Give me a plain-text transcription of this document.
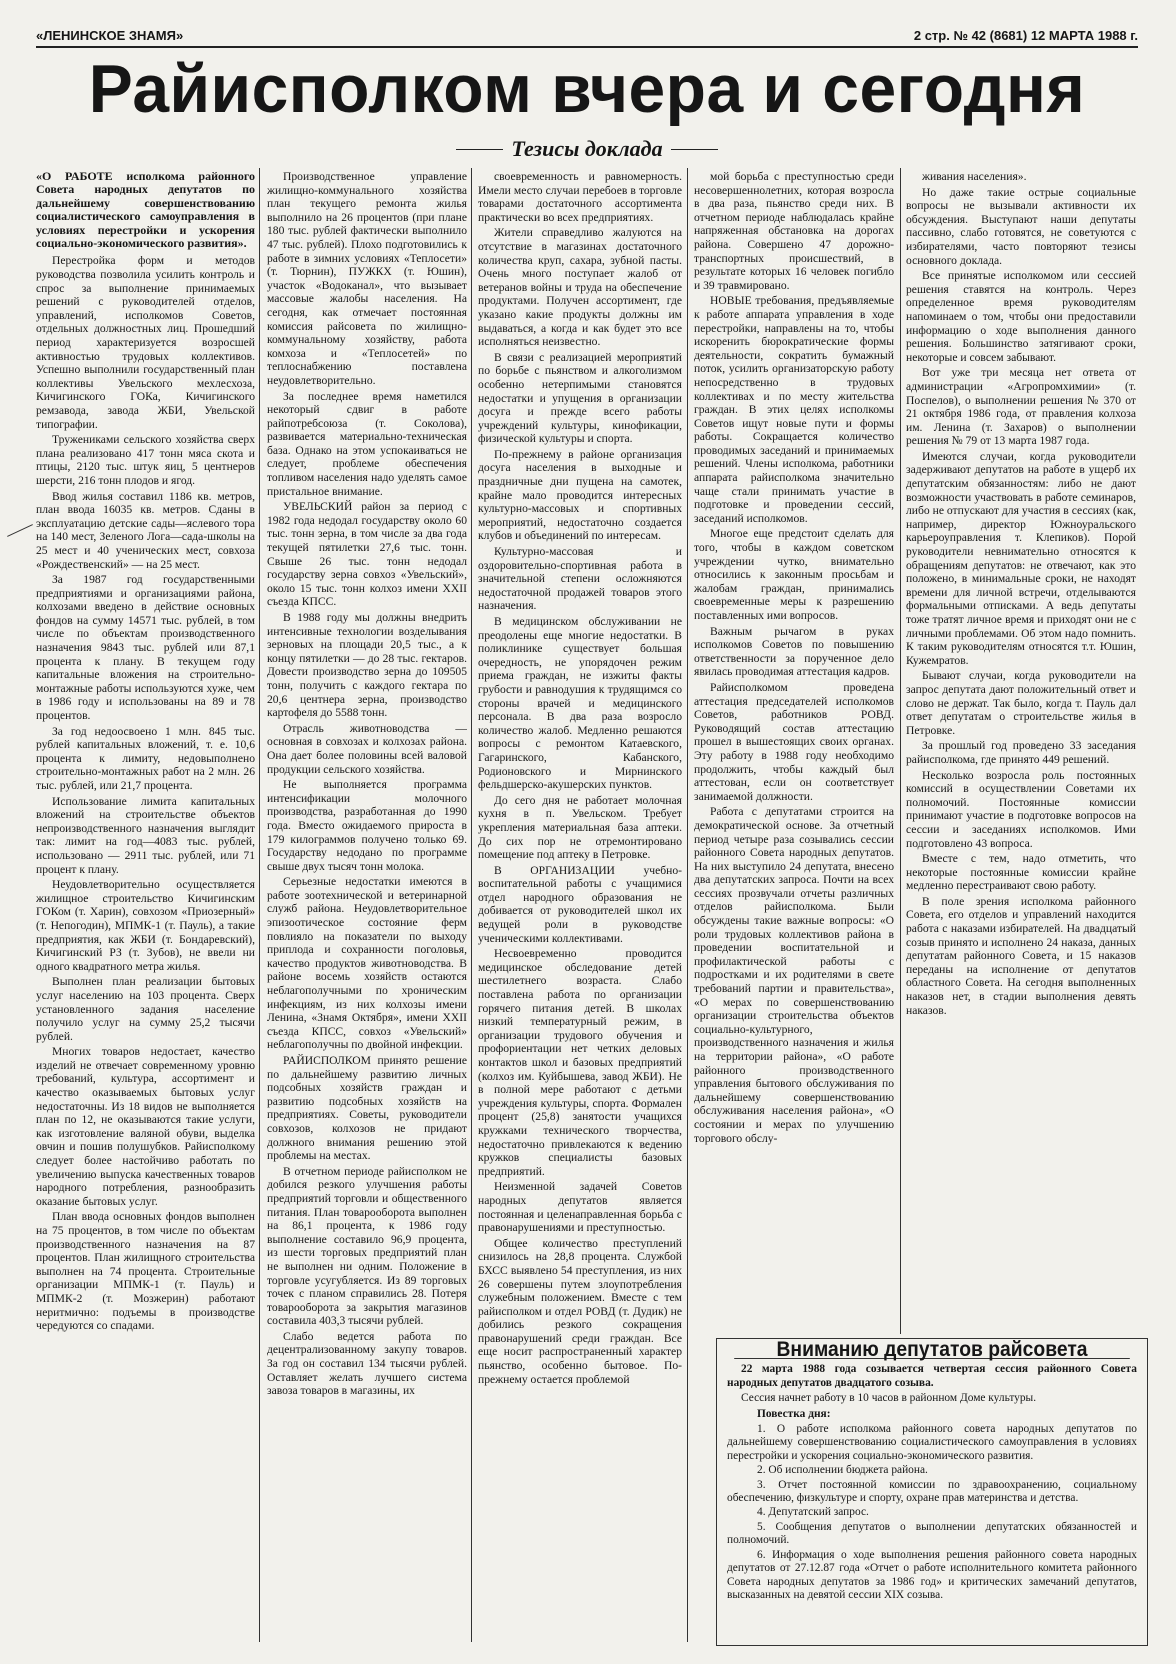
«ЛЕНИНСКОЕ ЗНАМЯ»	2 стр. № 42 (8681) 12 МАРТА 1988 г.
Райисполком вчера и сегодня
Тезисы доклада

«О РАБОТЕ исполкома районного Совета народных депутатов по дальнейшему совершенствованию социалистического самоуправления в условиях перестройки и ускорения социально-экономического развития».

Перестройка форм и методов руководства позволила усилить контроль и спрос за выполнение принимаемых решений с руководителей отделов, управлений, исполкомов Советов, отдельных должностных лиц. Прошедший период характеризуется возросшей активностью трудовых коллективов. Успешно выполнили государственный план коллективы Увельского мехлесхоза, Кичигинского ГОКа, Кичигинского ремзавода, завода ЖБИ, Увельской типографии.

Тружениками сельского хозяйства сверх плана реализовано 417 тонн мяса скота и птицы, 2120 тыс. штук яиц, 5 центнеров шерсти, 216 тонн плодов и ягод.

Ввод жилья составил 1186 кв. метров, план ввода 16035 кв. метров. Сданы в эксплуатацию детские сады—яслевого тора на 140 мест, Зеленого Лога—сада-школы на 25 мест и 40 ученических мест, совхоза «Рождественский» — на 25 мест.

За 1987 год государственными предприятиями и организациями района, колхозами введено в действие основных фондов на сумму 14571 тыс. рублей, в том числе по объектам производственного назначения 9843 тыс. рублей или 87,1 процента к плану. В текущем году капитальные вложения на строительно-монтажные работы используются хуже, чем в 1986 году и использованы на 89 и 78 процентов.

За год недоосвоено 1 млн. 845 тыс. рублей капитальных вложений, т. е. 10,6 процента к лимиту, недовыполнено строительно-монтажных работ на 2 млн. 26 тыс. рублей, или 21,7 процента.

Использование лимита капитальных вложений на строительстве объектов непроизводственного назначения выглядит так: лимит на год—4083 тыс. рублей, использовано — 2911 тыс. рублей, или 71 процент к плану.

Неудовлетворительно осуществляется жилищное строительство Кичигинским ГОКом (т. Харин), совхозом «Приозерный» (т. Непогодин), МПМК-1 (т. Пауль), а такие предприятия, как ЖБИ (т. Бондаревский), Кичигинский РЗ (т. Зубов), не ввели ни одного квадратного метра жилья.

Выполнен план реализации бытовых услуг населению на 103 процента. Сверх установленного задания население получило услуг на сумму 25,2 тысячи рублей.

Многих товаров недостает, качество изделий не отвечает современному уровню требований, культура, ассортимент и качество оказываемых бытовых услуг недостаточны. Из 18 видов не выполняется план по 12, не оказываются такие услуги, как изготовление валяной обуви, выделка овчин и пошив полушубков. Райисполкому следует более настойчиво работать по увеличению выпуска качественных товаров народного потребления, разнообразить оказание бытовых услуг.

План ввода основных фондов выполнен на 75 процентов, в том числе по объектам производственного назначения на 87 процентов. План жилищного строительства выполнен на 74 процента. Строительные организации МПМК-1 (т. Пауль) и МПМК-2 (т. Мозжерин) работают неритмично: подъемы в производстве чередуются со спадами.

Производственное управление жилищно-коммунального хозяйства план текущего ремонта жилья выполнило на 26 процентов (при плане 180 тыс. рублей фактически выполнило 47 тыс. рублей). Плохо подготовились к работе в зимних условиях «Теплосети» (т. Тюрнин), ПУЖКХ (т. Юшин), участок «Водоканал», что вызывает массовые жалобы населения. На сегодня, как отмечает постоянная комиссия райсовета по жилищно-коммунальному хозяйству, работа комхоза и «Теплосетей» по теплоснабжению поставлена неудовлетворительно.

За последнее время наметился некоторый сдвиг в работе райпотребсоюза (т. Соколова), развивается материально-техническая база. Однако на этом успокаиваться не следует, проблеме обеспечения топливом населения надо уделять самое пристальное внимание.

УВЕЛЬСКИЙ район за период с 1982 года недодал государству около 60 тыс. тонн зерна, в том числе за два года текущей пятилетки 27,6 тыс. тонн. Свыше 26 тыс. тонн недодал государству зерна совхоз «Увельский», около 15 тыс. тонн колхоз имени XXII съезда КПСС.

В 1988 году мы должны внедрить интенсивные технологии возделывания зерновых на площади 20,5 тыс., а к концу пятилетки — до 28 тыс. гектаров. Довести производство зерна до 109505 тонн, получить с каждого гектара по 20,6 центнера зерна, производство картофеля до 5588 тонн.

Отрасль животноводства — основная в совхозах и колхозах района. Она дает более половины всей валовой продукции сельского хозяйства.

Не выполняется программа интенсификации молочного производства, разработанная до 1990 года. Вместо ожидаемого прироста в 179 килограммов получено только 69. Государству недодано по программе свыше двух тысяч тонн молока.

Серьезные недостатки имеются в работе зоотехнической и ветеринарной служб района. Неудовлетворительное эпизоотическое состояние ферм повлияло на показатели по выходу приплода и сохранности поголовья, качество продуктов животноводства. В районе восемь хозяйств остаются неблагополучными по хроническим инфекциям, из них колхозы имени Ленина, «Знамя Октября», имени XXII съезда КПСС, совхоз «Увельский» неблагополучны по двойной инфекции.

РАЙИСПОЛКОМ принято решение по дальнейшему развитию личных подсобных хозяйств граждан и развитию подсобных хозяйств на предприятиях. Советы, руководители совхозов, колхозов не придают должного внимания решению этой проблемы на местах.

В отчетном периоде райисполком не добился резкого улучшения работы предприятий торговли и общественного питания. План товарооборота выполнен на 86,1 процента, к 1986 году выполнение составило 96,9 процента, из шести торговых предприятий план не выполнен ни одним. Положение в торговле усугубляется. Из 89 торговых точек с планом справились 28. Потеря товарооборота за закрытия магазинов составила 403,3 тысячи рублей.

Слабо ведется работа по децентрализованному закупу товаров. За год он составил 134 тысячи рублей. Оставляет желать лучшего система завоза товаров в магазины, их

своевременность и равномерность. Имели место случаи перебоев в торговле товарами достаточного ассортимента практически во всех предприятиях.

Жители справедливо жалуются на отсутствие в магазинах достаточного количества круп, сахара, зубной пасты. Очень много поступает жалоб от ветеранов войны и труда на обеспечение продуктами. Получен ассортимент, где указано какие продукты должны им выдаваться, а когда и как будет это все исполняться неизвестно.

В связи с реализацией мероприятий по борьбе с пьянством и алкоголизмом особенно нетерпимыми становятся недостатки и упущения в организации досуга и прежде всего работы учреждений культуры, кинофикации, физической культуры и спорта.

По-прежнему в районе организация досуга населения в выходные и праздничные дни пущена на самотек, крайне мало проводится интересных культурно-массовых и спортивных мероприятий, недостаточно создается клубов и объединений по интересам.

Культурно-массовая и оздоровительно-спортивная работа в значительной степени осложняются недостаточной продажей товаров этого назначения.

В медицинском обслуживании не преодолены еще многие недостатки. В поликлинике существует большая очередность, не упорядочен режим приема граждан, не изжиты факты грубости и равнодушия к трудящимся со стороны врачей и медицинского персонала. В два раза возросло количество жалоб. Медленно решаются вопросы с ремонтом Катаевского, Гагаринского, Кабанского, Родионовского и Мирнинского фельдшерско-акушерских пунктов.

До сего дня не работает молочная кухня в п. Увельском. Требует укрепления материальная база аптеки. До сих пор не отремонтировано помещение под аптеку в Петровке.

В ОРГАНИЗАЦИИ учебно-воспитательной работы с учащимися отдел народного образования не добивается от руководителей школ их ведущей роли в руководстве ученическими коллективами.

Несвоевременно проводится медицинское обследование детей шестилетнего возраста. Слабо поставлена работа по организации горячего питания детей. В школах низкий температурный режим, в организации трудового обучения и профориентации нет четких деловых контактов школ и базовых предприятий (колхоз им. Куйбышева, завод ЖБИ). Не в полной мере работают с детьми учреждения культуры, спорта. Формален процент (25,8) занятости учащихся кружками технического творчества, недостаточно привлекаются к ведению кружков специалисты базовых предприятий.

Неизменной задачей Советов народных депутатов является постоянная и целенаправленная борьба с правонарушениями и преступностью.

Общее количество преступлений снизилось на 28,8 процента. Службой БХСС выявлено 54 преступления, из них 26 совершены путем злоупотребления служебным положением. Вместе с тем райисполком и отдел РОВД (т. Дудик) не добились резкого сокращения правонарушений среди граждан. Все еще носит распространенный характер пьянство, особенно бытовое. По-прежнему остается проблемой

мой борьба с преступностью среди несовершеннолетних, которая возросла в два раза, пьянство среди них. В отчетном периоде наблюдалась крайне напряженная обстановка на дорогах района. Совершено 47 дорожно-транспортных происшествий, в результате которых 16 человек погибло и 39 травмировано.

НОВЫЕ требования, предъявляемые к работе аппарата управления в ходе перестройки, направлены на то, чтобы искоренить бюрократические формы деятельности, сократить бумажный поток, усилить организаторскую работу непосредственно в трудовых коллективах и по месту жительства граждан. В этих целях исполкомы Советов ищут новые пути и формы работы. Сокращается количество проводимых заседаний и принимаемых решений. Члены исполкома, работники аппарата райисполкома значительно чаще стали принимать участие в подготовке и проведении сессий, заседаний исполкомов.

Многое еще предстоит сделать для того, чтобы в каждом советском учреждении чутко, внимательно относились к законным просьбам и жалобам граждан, принимались своевременные меры к разрешению поставленных ими вопросов.

Важным рычагом в руках исполкомов Советов по повышению ответственности за порученное дело явилась проводимая аттестация кадров.

Райисполкомом проведена аттестация председателей исполкомов Советов, работников РОВД. Руководящий состав аттестацию прошел в вышестоящих своих органах. Эту работу в 1988 году необходимо продолжить, чтобы каждый был аттестован, если он соответствует занимаемой должности.

Работа с депутатами строится на демократической основе. За отчетный период четыре раза созывались сессии районного Совета народных депутатов. На них выступило 24 депутата, внесено два депутатских запроса. Почти на всех сессиях прозвучали отчеты различных отделов райисполкома. Были обсуждены такие важные вопросы: «О роли трудовых коллективов района в проведении воспитательной и профилактической работы с подростками и их родителями в свете требований партии и правительства», «О мерах по совершенствованию организации строительства объектов социально-культурного, производственного назначения и жилья на территории района», «О работе районного производственного управления бытового обслуживания по дальнейшему совершенствованию обслуживания населения района», «О состоянии и мерах по улучшению торгового обслу-

живания населения».

Но даже такие острые социальные вопросы не вызывали активности их обсуждения. Выступают наши депутаты пассивно, слабо готовятся, не советуются с избирателями, часто повторяют тезисы основного доклада.

Все принятые исполкомом или сессией решения ставятся на контроль. Через определенное время руководителям напоминаем о том, чтобы они предоставили информацию о ходе выполнения данного решения. Большинство затягивают сроки, некоторые и совсем забывают.

Вот уже три месяца нет ответа от администрации «Агропромхимии» (т. Поспелов), о выполнении решения № 370 от 21 октября 1986 года, от правления колхоза им. Ленина (т. Захаров) о выполнении решения № 79 от 13 марта 1987 года.

Имеются случаи, когда руководители задерживают депутатов на работе в ущерб их депутатским обязанностям: либо не дают возможности участвовать в работе семинаров, либо не отпускают для участия в сессиях (как, например, директор Южноуральского карьероуправления т. Клепиков). Порой руководители невнимательно относятся к обращениям депутатов: не отвечают, как это положено, в минимальные сроки, не находят времени для личной встречи, отделываются формальными отписками. А ведь депутаты тоже тратят личное время и приходят они не с личными проблемами. Об этом надо помнить. К таким руководителям относятся т.т. Юшин, Кужемратов.

Бывают случаи, когда руководители на запрос депутата дают положительный ответ и слово не держат. Так было, когда т. Пауль дал ответ депутатам о строительстве жилья в Петровке.

За прошлый год проведено 33 заседания райисполкома, где принято 449 решений.

Несколько возросла роль постоянных комиссий в осуществлении Советами их полномочий. Постоянные комиссии принимают участие в подготовке вопросов на сессии и заседаниях исполкомов. Ими подготовлено 43 вопроса.

Вместе с тем, надо отметить, что некоторые постоянные комиссии крайне медленно перестраивают свою работу.

В поле зрения исполкома районного Совета, его отделов и управлений находится работа с наказами избирателей. На двадцатый созыв принято и исполнено 24 наказа, данных депутатам районного Совета, и 15 наказов переданы на исполнение от депутатов областного Совета. На сегодня выполненных наказов нет, в стадии выполнения девять наказов.

Вниманию депутатов райсовета

22 марта 1988 года созывается четвертая сессия районного Совета народных депутатов двадцатого созыва.

Сессия начнет работу в 10 часов в районном Доме культуры.

Повестка дня:

1. О работе исполкома районного совета народных депутатов по дальнейшему совершенствованию социалистического самоуправления в условиях перестройки и ускорения социально-экономического развития.
2. Об исполнении бюджета района.
3. Отчет постоянной комиссии по здравоохранению, социальному обеспечению, физкультуре и спорту, охране прав материнства и детства.
4. Депутатский запрос.
5. Сообщения депутатов о выполнении депутатских обязанностей и полномочий.
6. Информация о ходе выполнения решения районного совета народных депутатов от 27.12.87 года «Отчет о работе исполнительного комитета районного Совета народных депутатов за 1986 год» и критических замечаний депутатов, высказанных на девятой сессии XIX созыва.
